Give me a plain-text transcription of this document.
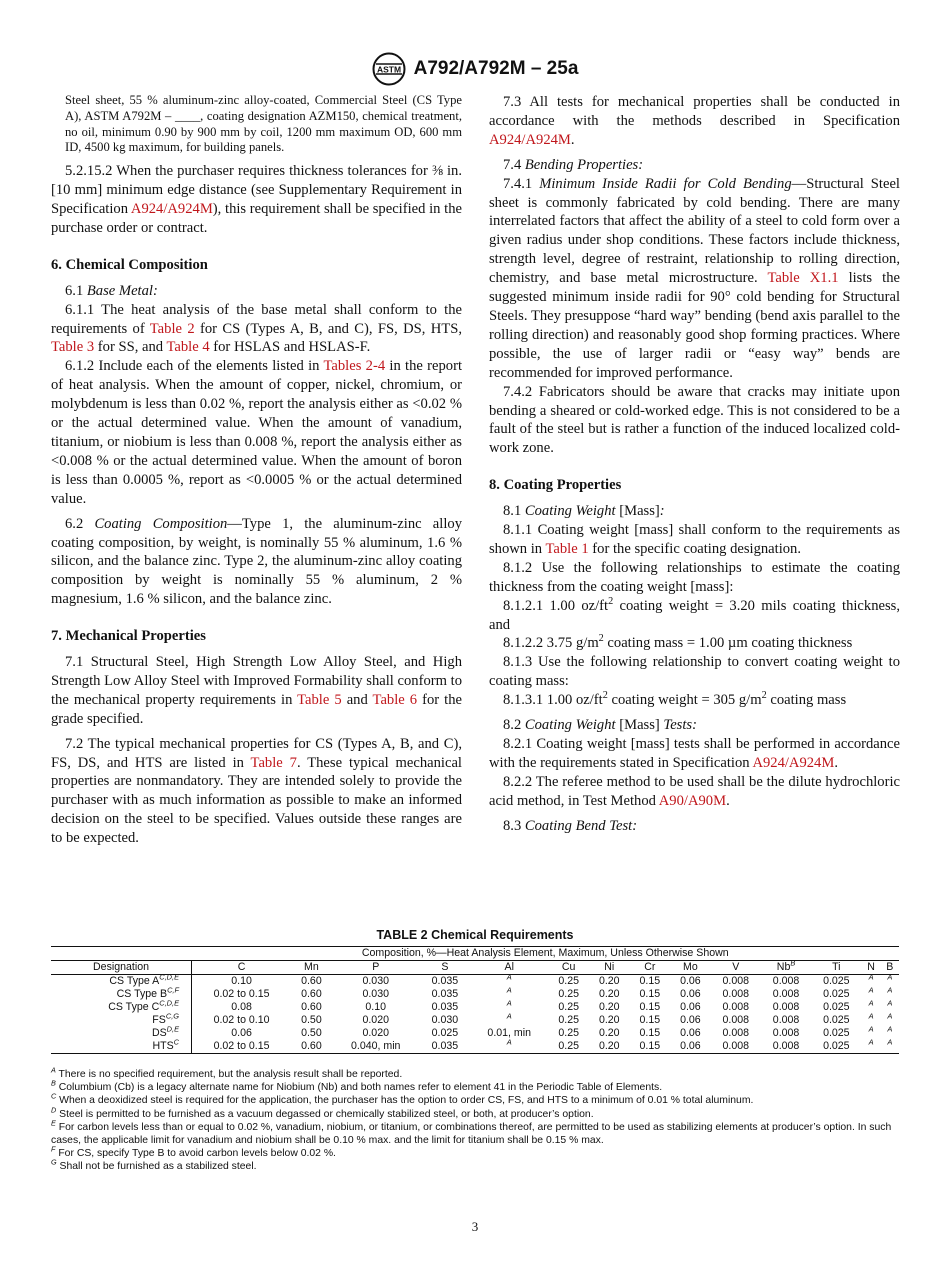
ASTM A792/A792M – 25a

Steel sheet, 55 % aluminum-zinc alloy-coated, Commercial Steel (CS Type A), ASTM A792M – ____, coating designation AZM150, chemical treatment, no oil, minimum 0.90 by 900 mm by coil, 1200 mm maximum OD, 600 mm ID, 4500 kg maximum, for building panels.

5.2.15.2 When the purchaser requires thickness tolerances for ⅜ in. [10 mm] minimum edge distance (see Supplementary Requirement in Specification A924/A924M), this requirement shall be specified in the purchase order or contract.

6. Chemical Composition

6.1 Base Metal:

6.1.1 The heat analysis of the base metal shall conform to the requirements of Table 2 for CS (Types A, B, and C), FS, DS, HTS, Table 3 for SS, and Table 4 for HSLAS and HSLAS-F.

6.1.2 Include each of the elements listed in Tables 2-4 in the report of heat analysis. When the amount of copper, nickel, chromium, or molybdenum is less than 0.02 %, report the analysis either as <0.02 % or the actual determined value. When the amount of vanadium, titanium, or niobium is less than 0.008 %, report the analysis either as <0.008 % or the actual determined value. When the amount of boron is less than 0.0005 %, report as <0.0005 % or the actual determined value.

6.2 Coating Composition—Type 1, the aluminum-zinc alloy coating composition, by weight, is nominally 55 % aluminum, 1.6 % silicon, and the balance zinc. Type 2, the aluminum-zinc alloy coating composition by weight is nominally 55 % aluminum, 2 % magnesium, 1.6 % silicon, and the balance zinc.

7. Mechanical Properties

7.1 Structural Steel, High Strength Low Alloy Steel, and High Strength Low Alloy Steel with Improved Formability shall conform to the mechanical property requirements in Table 5 and Table 6 for the grade specified.

7.2 The typical mechanical properties for CS (Types A, B, and C), FS, DS, and HTS are listed in Table 7. These typical mechanical properties are nonmandatory. They are intended solely to provide the purchaser with as much information as possible to make an informed decision on the steel to be specified. Values outside these ranges are to be expected.

7.3 All tests for mechanical properties shall be conducted in accordance with the methods described in Specification A924/A924M.

7.4 Bending Properties:

7.4.1 Minimum Inside Radii for Cold Bending—Structural Steel sheet is commonly fabricated by cold bending. There are many interrelated factors that affect the ability of a steel to cold form over a given radius under shop conditions. These factors include thickness, strength level, degree of restraint, relationship to rolling direction, chemistry, and base metal microstructure. Table X1.1 lists the suggested minimum inside radii for 90° cold bending for Structural Steels. They presuppose “hard way” bending (bend axis parallel to the rolling direction) and reasonably good shop forming practices. Where possible, the use of larger radii or “easy way” bends are recommended for improved performance.

7.4.2 Fabricators should be aware that cracks may initiate upon bending a sheared or cold-worked edge. This is not considered to be a fault of the steel but is rather a function of the induced localized cold-work zone.

8. Coating Properties

8.1 Coating Weight [Mass]:

8.1.1 Coating weight [mass] shall conform to the requirements as shown in Table 1 for the specific coating designation.

8.1.2 Use the following relationships to estimate the coating thickness from the coating weight [mass]:

8.1.2.1 1.00 $oz/ft^2$ coating weight = 3.20 mils coating thickness, and

8.1.2.2 3.75 $g/m^2$ coating mass = 1.00 µm coating thickness

8.1.3 Use the following relationship to convert coating weight to coating mass:

8.1.3.1 1.00 $oz/ft^2$ coating weight = 305 $g/m^2$ coating mass

8.2 Coating Weight [Mass] Tests:

8.2.1 Coating weight [mass] tests shall be performed in accordance with the requirements stated in Specification A924/A924M.

8.2.2 The referee method to be used shall be the dilute hydrochloric acid method, in Test Method A90/A90M.

8.3 Coating Bend Test:

TABLE 2 Chemical Requirements
	Composition, %—Heat Analysis Element, Maximum, Unless Otherwise Shown													
Designation	C	Mn	P	S	Al	Cu	Ni	Cr	Mo	V	$Nb^B$	Ti	N	B
CS Type $A^{C,D,E}$	0.10	0.60	0.030	0.035	$^A$	0.25	0.20	0.15	0.06	0.008	0.008	0.025	$^A$	$^A$
CS Type $B^{C,F}$	0.02 to 0.15	0.60	0.030	0.035	$^A$	0.25	0.20	0.15	0.06	0.008	0.008	0.025	$^A$	$^A$
CS Type $C^{C,D,E}$	0.08	0.60	0.10	0.035	$^A$	0.25	0.20	0.15	0.06	0.008	0.008	0.025	$^A$	$^A$
$FS^{C,G}$	0.02 to 0.10	0.50	0.020	0.030	$^A$	0.25	0.20	0.15	0.06	0.008	0.008	0.025	$^A$	$^A$
$DS^{D,E}$	0.06	0.50	0.020	0.025	0.01, min	0.25	0.20	0.15	0.06	0.008	0.008	0.025	$^A$	$^A$
$HTS^C$	0.02 to 0.15	0.60	0.040, min	0.035	$^A$	0.25	0.20	0.15	0.06	0.008	0.008	0.025	$^A$	$^A$

$^A$ There is no specified requirement, but the analysis result shall be reported.

$^B$ Columbium (Cb) is a legacy alternate name for Niobium (Nb) and both names refer to element 41 in the Periodic Table of Elements.

$^C$ When a deoxidized steel is required for the application, the purchaser has the option to order CS, FS, and HTS to a minimum of 0.01 % total aluminum.

$^D$ Steel is permitted to be furnished as a vacuum degassed or chemically stabilized steel, or both, at producer’s option.

$^E$ For carbon levels less than or equal to 0.02 %, vanadium, niobium, or titanium, or combinations thereof, are permitted to be used as stabilizing elements at producer’s option. In such cases, the applicable limit for vanadium and niobium shall be 0.10 % max. and the limit for titanium shall be 0.15 % max.

$^F$ For CS, specify Type B to avoid carbon levels below 0.02 %.

$^G$ Shall not be furnished as a stabilized steel.

3
